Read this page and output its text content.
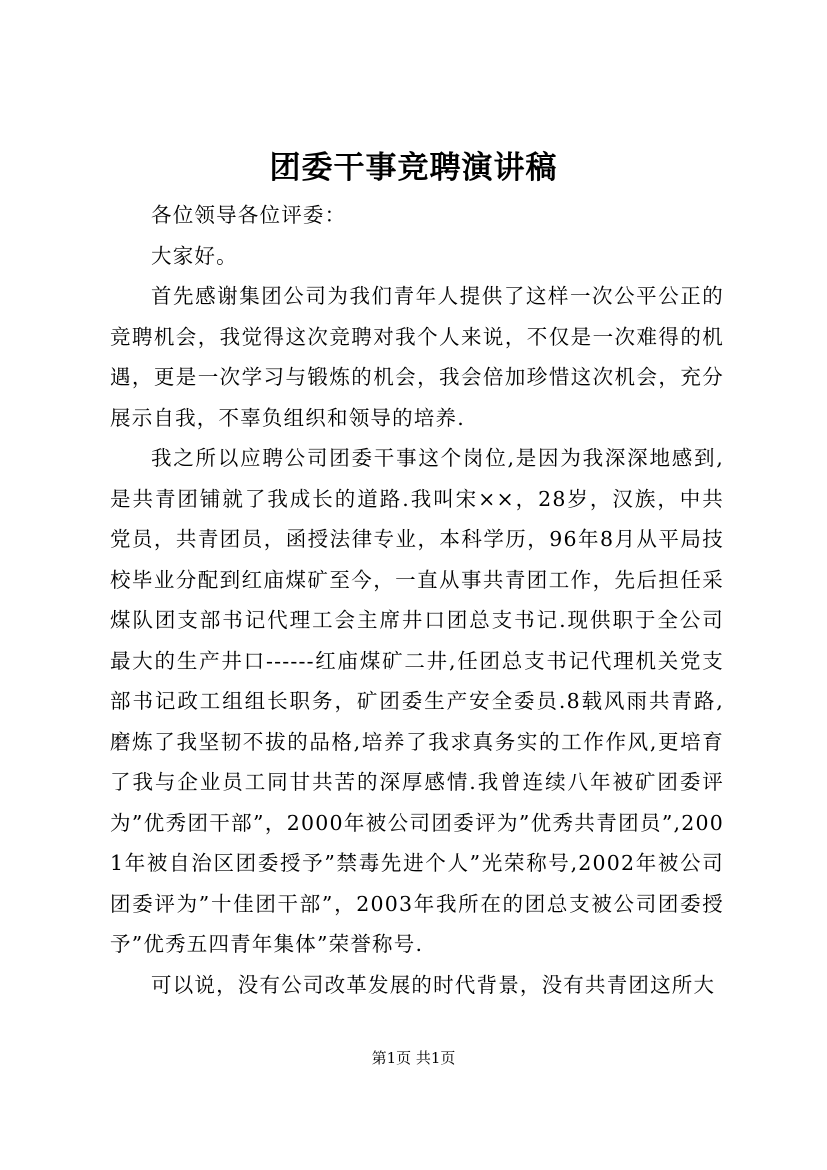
团委干事竞聘演讲稿

各位领导各位评委：

大家好。

首先感谢集团公司为我们青年人提供了这样一次公平公正的竞聘机会，我觉得这次竞聘对我个人来说，不仅是一次难得的机遇，更是一次学习与锻炼的机会，我会倍加珍惜这次机会，充分展示自我，不辜负组织和领导的培养.

我之所以应聘公司团委干事这个岗位,是因为我深深地感到,是共青团铺就了我成长的道路.我叫宋××，28岁，汉族，中共党员，共青团员，函授法律专业，本科学历，96年8月从平局技校毕业分配到红庙煤矿至今，一直从事共青团工作，先后担任采煤队团支部书记代理工会主席井口团总支书记.现供职于全公司最大的生产井口------红庙煤矿二井,任团总支书记代理机关党支部书记政工组组长职务，矿团委生产安全委员.8载风雨共青路,磨炼了我坚韧不拔的品格,培养了我求真务实的工作作风,更培育了我与企业员工同甘共苦的深厚感情.我曾连续八年被矿团委评为”优秀团干部”，2000年被公司团委评为”优秀共青团员”,2001年被自治区团委授予”禁毒先进个人”光荣称号,2002年被公司团委评为”十佳团干部”，2003年我所在的团总支被公司团委授予”优秀五四青年集体”荣誉称号.

可以说，没有公司改革发展的时代背景，没有共青团这所大

第1页 共1页
